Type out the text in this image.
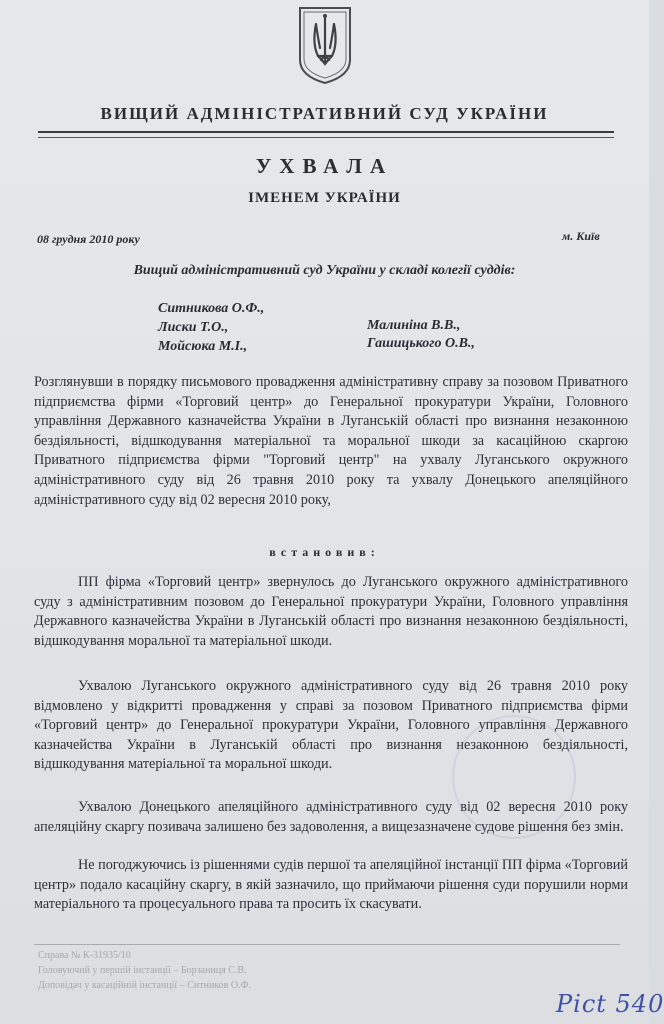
ВИЩИЙ АДМІНІСТРАТИВНИЙ СУД УКРАЇНИ
УХВАЛА
ІМЕНЕМ УКРАЇНИ
08 грудня 2010 року	м. Київ
Вищий адміністративний суд України у складі колегії суддів:
Ситникова О.Ф.,
Лиски Т.О.,
Мойсюка М.І.,
Малиніна В.В.,
Гашицького О.В.,
Розглянувши в порядку письмового провадження адміністративну справу за позовом Приватного підприємства фірми «Торговий центр» до Генеральної прокуратури України, Головного управління Державного казначейства України в Луганській області про визнання незаконною бездіяльності, відшкодування матеріальної та моральної шкоди за касаційною скаргою Приватного підприємства фірми "Торговий центр" на ухвалу Луганського окружного адміністративного суду від 26 травня 2010 року та ухвалу Донецького апеляційного адміністративного суду від 02 вересня 2010 року,
встановив:
ПП фірма «Торговий центр» звернулось до Луганського окружного адміністративного суду з адміністративним позовом до Генеральної прокуратури України, Головного управління Державного казначейства України в Луганській області про визнання незаконною бездіяльності, відшкодування моральної та матеріальної шкоди.
Ухвалою Луганського окружного адміністративного суду від 26 травня 2010 року відмовлено у відкритті провадження у справі за позовом Приватного підприємства фірми «Торговий центр» до Генеральної прокуратури України, Головного управління Державного казначейства України в Луганській області про визнання незаконною бездіяльності, відшкодування матеріальної та моральної шкоди.
Ухвалою Донецького апеляційного адміністративного суду від 02 вересня 2010 року апеляційну скаргу позивача залишено без задоволення, а вищезазначене судове рішення без змін.
Не погоджуючись із рішеннями судів першої та апеляційної інстанції ПП фірма «Торговий центр» подало касаційну скаргу, в якій зазначило, що приймаючи рішення суди порушили норми матеріального та процесуального права та просить їх скасувати.
Справа № К-31935/10
Головуючий у першій інстанції – Борзаниця С.В.
Доповідач у касаційній інстанції – Ситников О.Ф.
Pict 540
